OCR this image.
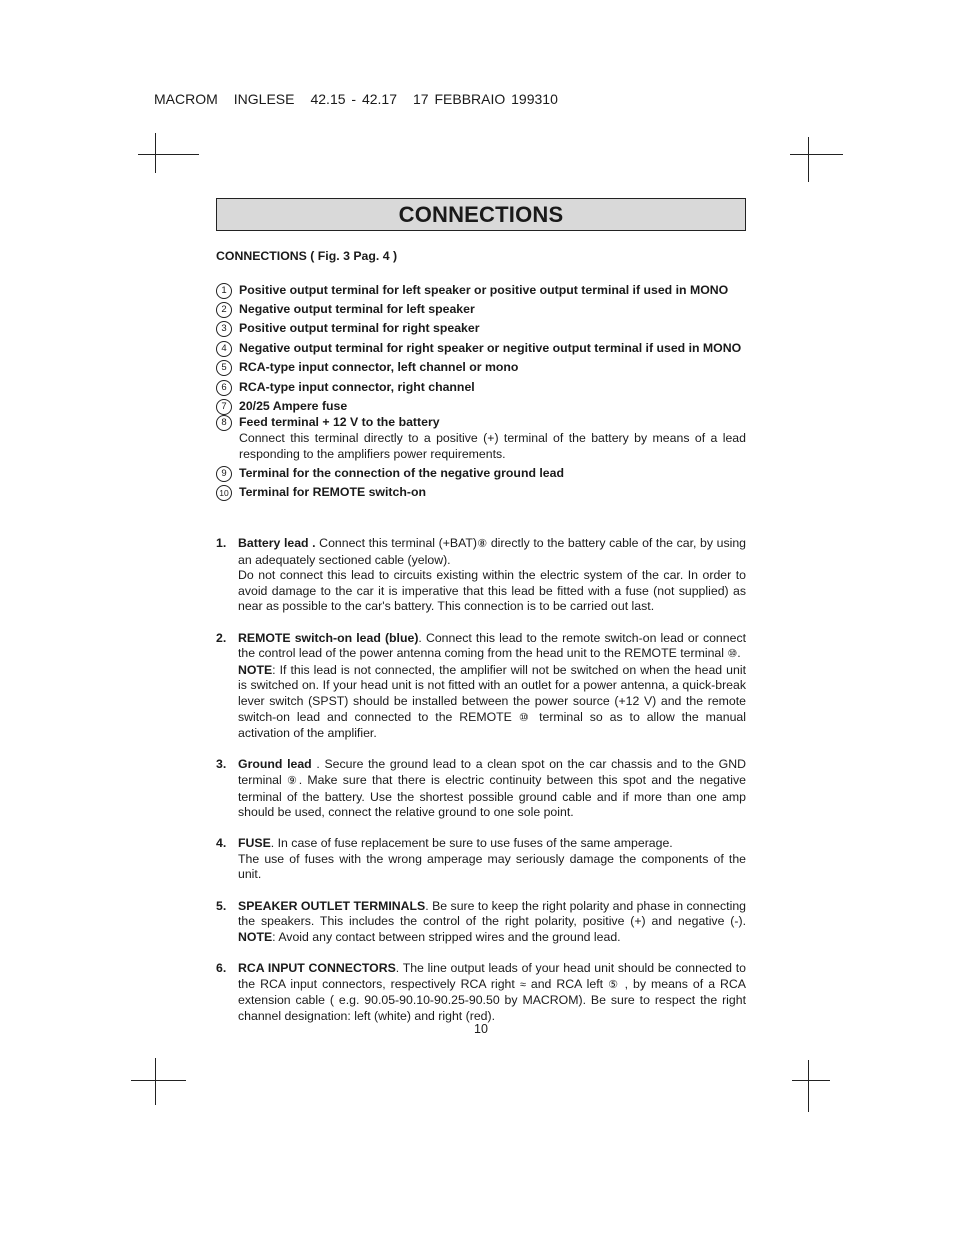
MACROM INGLESE 42.15 - 42.17 17 FEBBRAIO 199310
CONNECTIONS

CONNECTIONS ( Fig. 3 Pag. 4 )

1	Positive output terminal for left speaker or positive output terminal if used in MONO
2	Negative output terminal for left speaker
3	Positive output terminal for right speaker
4	Negative output terminal for right speaker or negitive output terminal if used in MONO
5	RCA-type input connector, left channel or mono
6	RCA-type input connector, right channel
7	20/25 Ampere fuse
8	Feed terminal + 12 V to the battery
Connect this terminal directly to a positive (+) terminal of the battery by means of a lead responding to the amplifiers power requirements.
9	Terminal for the connection of the negative ground lead
10 Terminal for REMOTE switch-on
1. Battery lead . Connect this terminal (+BAT)⑧ directly to the battery cable of the car, by using an adequately sectioned cable (yelow).

Do not connect this lead to circuits existing within the electric system of the car. In order to avoid damage to the car it is imperative that this lead be fitted with a fuse (not supplied) as near as possible to the car's battery. This connection is to be carried out last.

2. REMOTE switch-on lead (blue). Connect this lead to the remote switch-on lead or connect the control lead of the power antenna coming from the head unit to the REMOTE terminal ⑩.
NOTE: If this lead is not connected, the amplifier will not be switched on when the head unit is switched on. If your head unit is not fitted with an outlet for a power antenna, a quick-break lever switch (SPST) should be installed between the power source (+12 V) and the remote switch-on lead and connected to the REMOTE ⑩ terminal so as to allow the manual activation of the amplifier.

3. Ground lead . Secure the ground lead to a clean spot on the car chassis and to the GND terminal ⑨. Make sure that there is electric continuity between this spot and the negative terminal of the battery. Use the shortest possible ground cable and if more than one amp should be used, connect the relative ground to one sole point.

4. FUSE. In case of fuse replacement be sure to use fuses of the same amperage.

The use of fuses with the wrong amperage may seriously damage the components of the unit.

5. SPEAKER OUTLET TERMINALS. Be sure to keep the right polarity and phase in connecting the speakers. This includes the control of the right polarity, positive (+) and negative (-). NOTE: Avoid any contact between stripped wires and the ground lead.

6. RCA INPUT CONNECTORS. The line output leads of your head unit should be connected to the RCA input connectors, respectively RCA right ≈ and RCA left ⑤ , by means of a RCA extension cable ( e.g. 90.05-90.10-90.25-90.50 by MACROM). Be sure to respect the right channel designation: left (white) and right (red).

10
